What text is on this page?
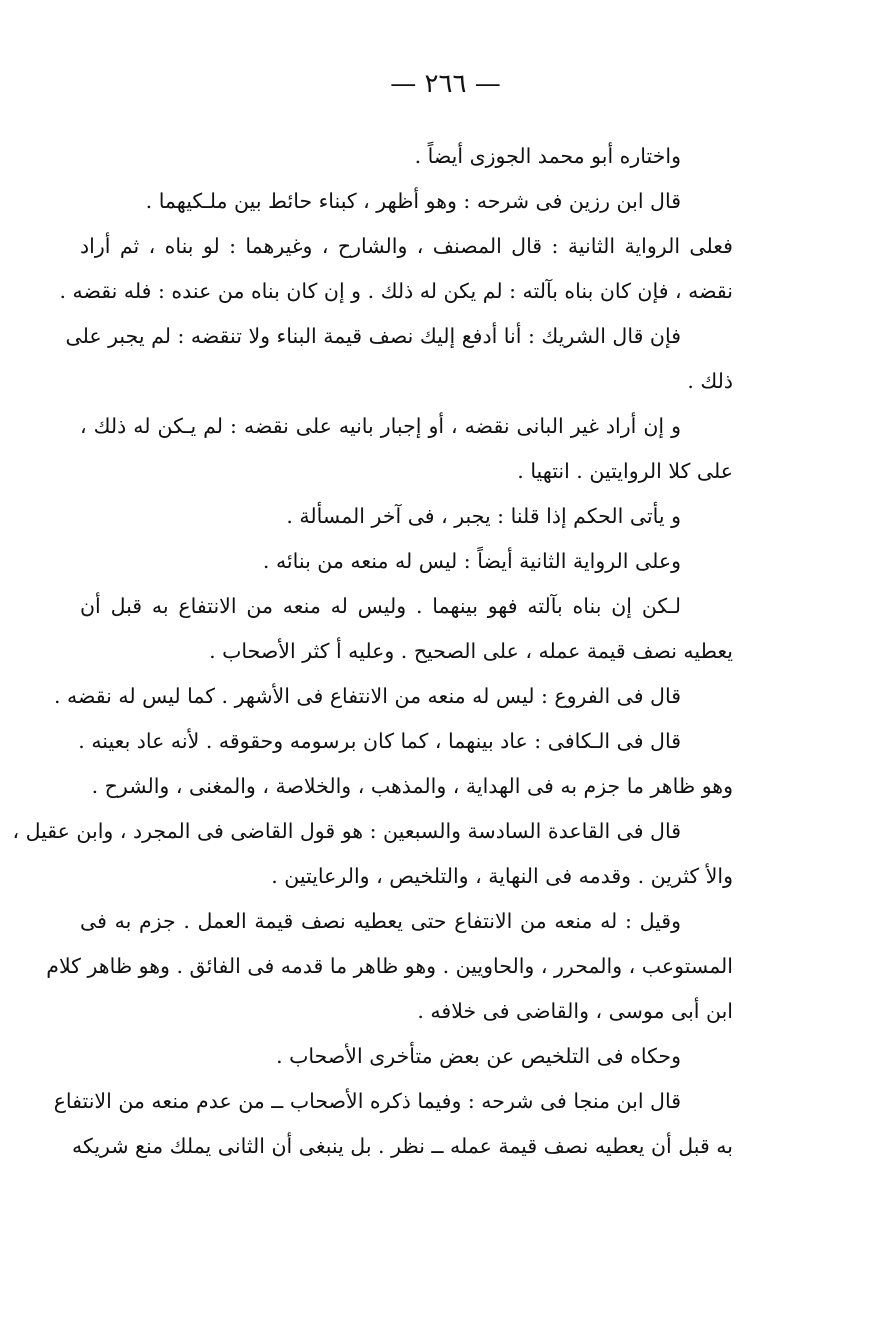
— ٢٦٦ —
واختاره أبو محمد الجوزى أيضاً .
قال ابن رزين فى شرحه : وهو أظهر ، كبناء حائط بين ملـكيهما .
فعلى الرواية الثانية : قال المصنف ، والشارح ، وغيرهما : لو بناه ، ثم أراد
نقضه ، فإن كان بناه بآلته : لم يكن له ذلك . و إن كان بناه من عنده : فله نقضه .
فإن قال الشريك : أنا أدفع إليك نصف قيمة البناء ولا تنقضه : لم يجبر على
ذلك .
و إن أراد غير البانى نقضه ، أو إجبار بانيه على نقضه : لم يـكن له ذلك ،
على كلا الروايتين . انتهيا .
و يأتى الحكم إذا قلنا : يجبر ، فى آخر المسألة .
وعلى الرواية الثانية أيضاً : ليس له منعه من بنائه .
لـكن إن بناه بآلته فهو بينهما . وليس له منعه من الانتفاع به قبل أن
يعطيه نصف قيمة عمله ، على الصحيح . وعليه أ كثر الأصحاب .
قال فى الفروع : ليس له منعه من الانتفاع فى الأشهر . كما ليس له نقضه .
قال فى الـكافى : عاد بينهما ، كما كان برسومه وحقوقه . لأنه عاد بعينه .
وهو ظاهر ما جزم به فى الهداية ، والمذهب ، والخلاصة ، والمغنى ، والشرح .
قال فى القاعدة السادسة والسبعين : هو قول القاضى فى المجرد ، وابن عقيل ،
والأ كثرين . وقدمه فى النهاية ، والتلخيص ، والرعايتين .
وقيل : له منعه من الانتفاع حتى يعطيه نصف قيمة العمل . جزم به فى
المستوعب ، والمحرر ، والحاويين . وهو ظاهر ما قدمه فى الفائق . وهو ظاهر كلام
ابن أبى موسى ، والقاضى فى خلافه .
وحكاه فى التلخيص عن بعض متأخرى الأصحاب .
قال ابن منجا فى شرحه : وفيما ذكره الأصحاب ــ من عدم منعه من الانتفاع
به قبل أن يعطيه نصف قيمة عمله ــ نظر . بل ينبغى أن الثانى يملك منع شريكه
